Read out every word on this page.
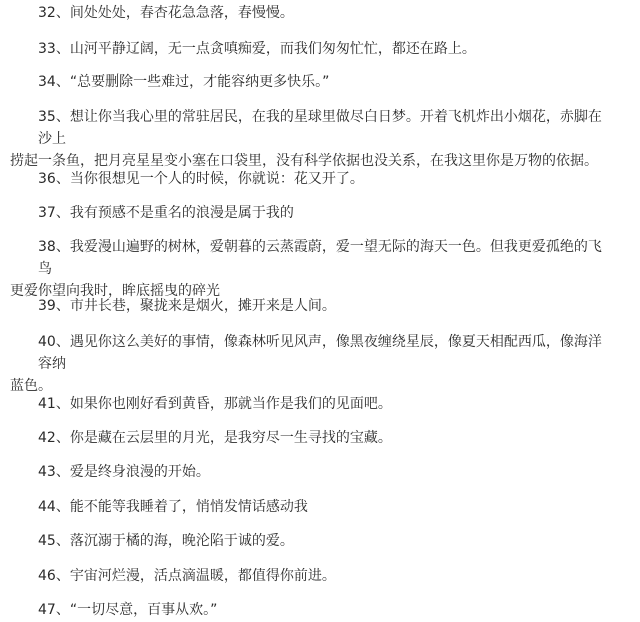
32、间处处处，春杏花急急落，春慢慢。
33、山河平静辽阔，无一点贪嗔痴爱，而我们匆匆忙忙，都还在路上。
34、“总要删除一些难过，才能容纳更多快乐。”
35、想让你当我心里的常驻居民，在我的星球里做尽白日梦。开着飞机炸出小烟花，赤脚在沙上
捞起一条鱼，把月亮星星变小塞在口袋里，没有科学依据也没关系，在我这里你是万物的依据。
36、当你很想见一个人的时候，你就说：花又开了。
37、我有预感不是重名的浪漫是属于我的
38、我爱漫山遍野的树林，爱朝暮的云蒸霞蔚，爱一望无际的海天一色。但我更爱孤绝的飞鸟
更爱你望向我时，眸底摇曳的碎光
39、市井长巷，聚拢来是烟火，摊开来是人间。
40、遇见你这么美好的事情，像森林听见风声，像黑夜缠绕星辰，像夏天相配西瓜，像海洋容纳
蓝色。
41、如果你也刚好看到黄昏，那就当作是我们的见面吧。
42、你是藏在云层里的月光，是我穷尽一生寻找的宝藏。
43、爱是终身浪漫的开始。
44、能不能等我睡着了，悄悄发情话感动我
45、落沉溺于橘的海，晚沦陷于诚的爱。
46、宇宙河烂漫，活点滴温暖，都值得你前进。
47、“一切尽意，百事从欢。”
